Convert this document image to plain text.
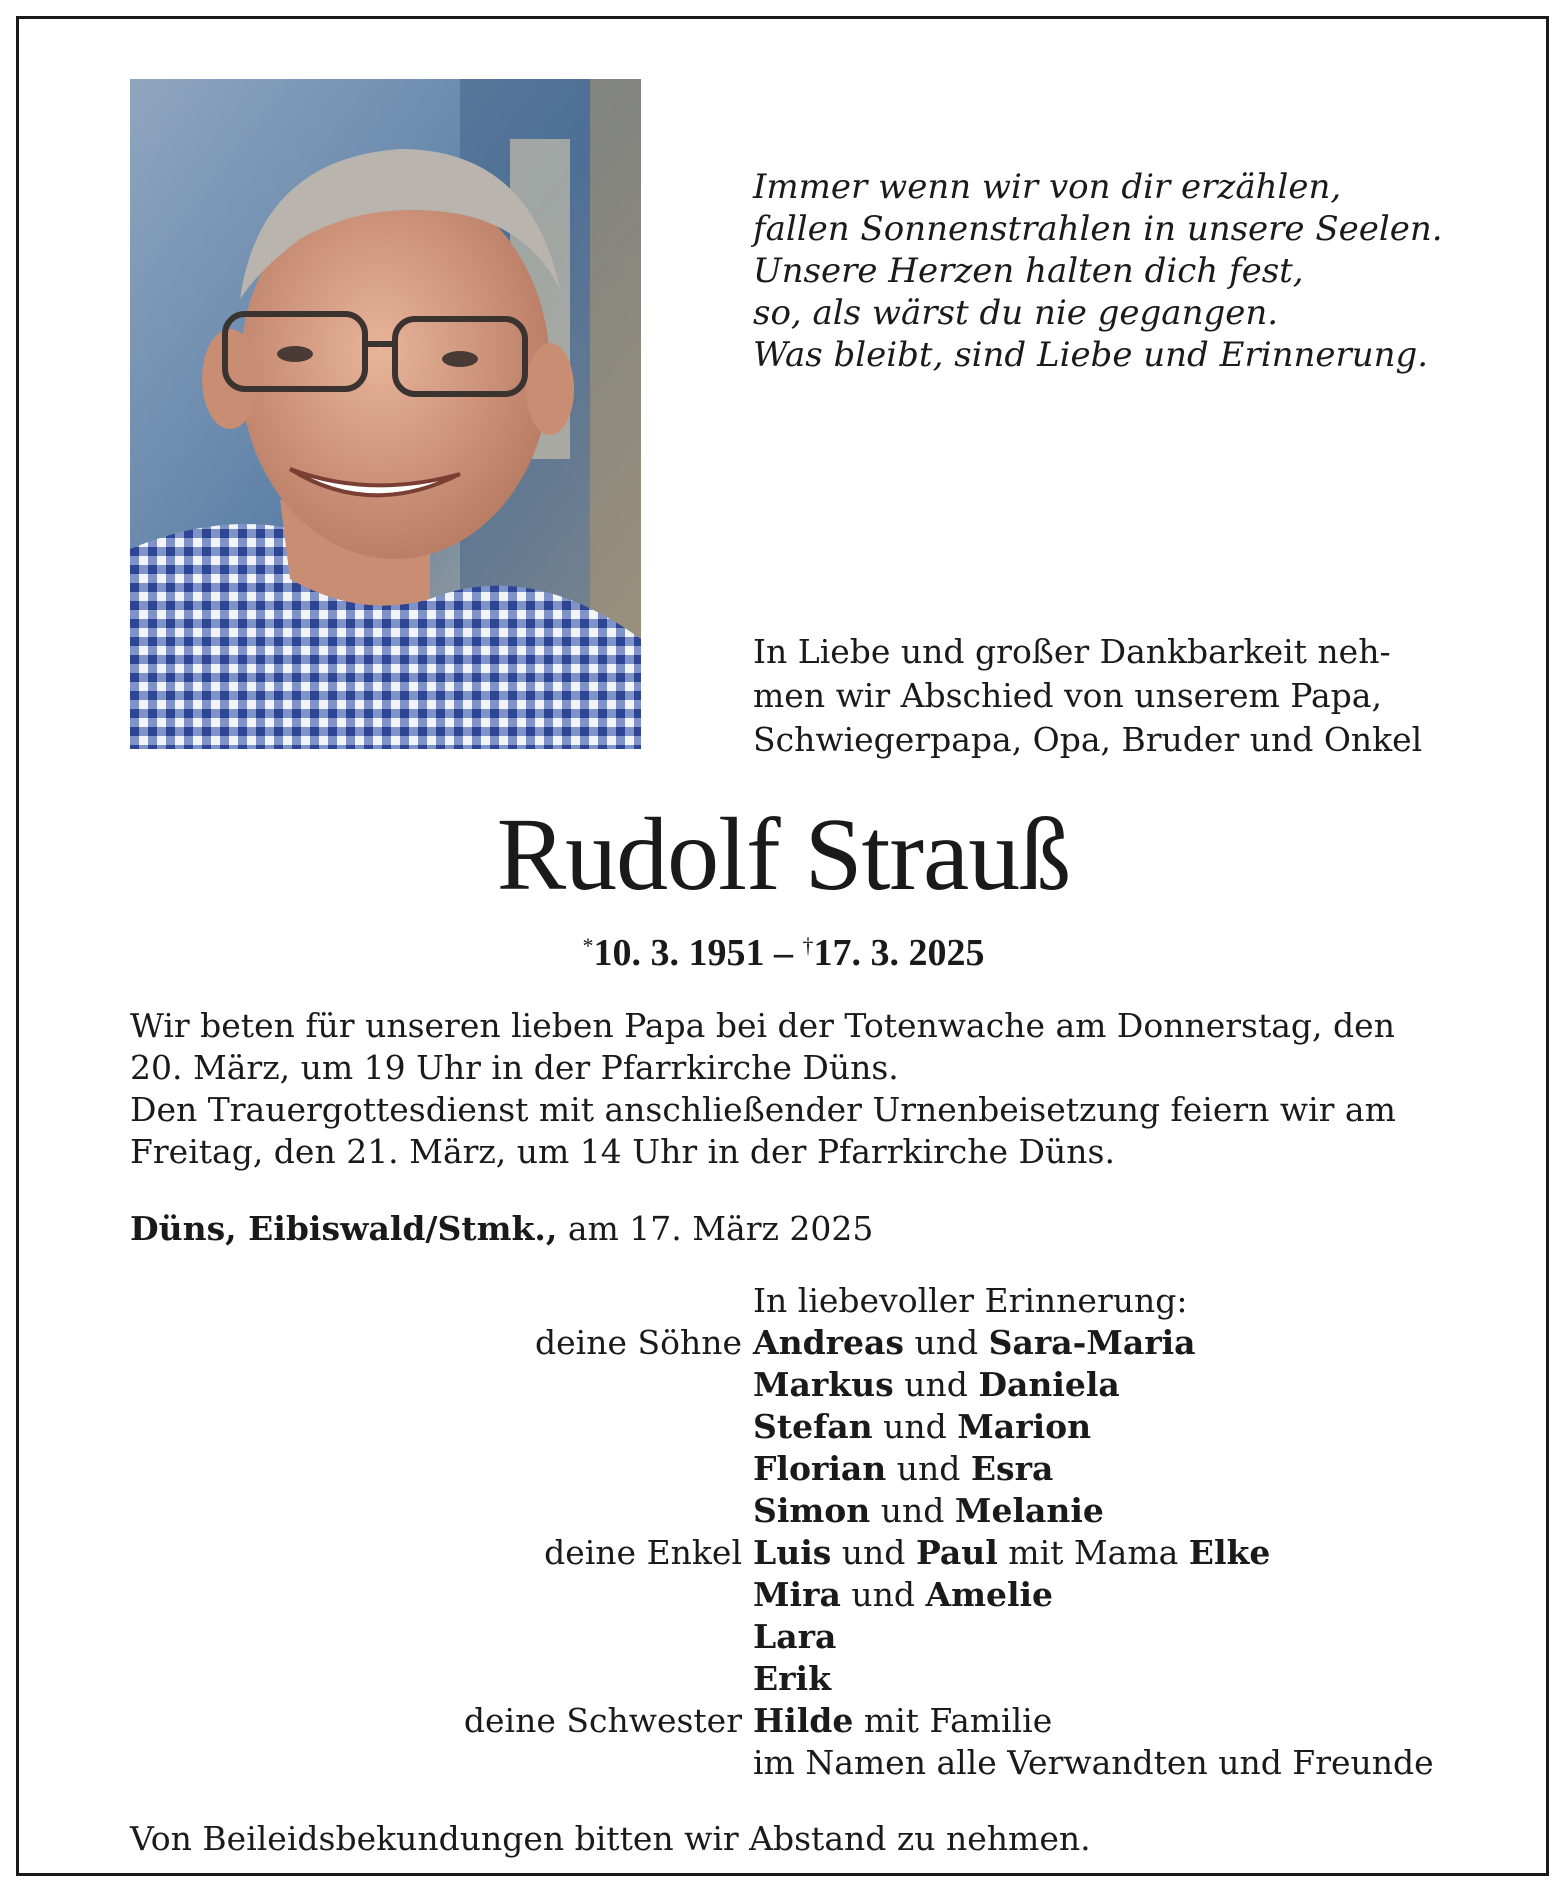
Immer wenn wir von dir erzählen,
fallen Sonnenstrahlen in unsere Seelen.
Unsere Herzen halten dich fest,
so, als wärst du nie gegangen.
Was bleibt, sind Liebe und Erinnerung.
In Liebe und großer Dankbarkeit neh-
men wir Abschied von unserem Papa,
Schwiegerpapa, Opa, Bruder und Onkel
Rudolf Strauß
*10. 3. 1951 – †17. 3. 2025
Wir beten für unseren lieben Papa bei der Totenwache am Donnerstag, den
20. März, um 19 Uhr in der Pfarrkirche Düns.
Den Trauergottesdienst mit anschließender Urnenbeisetzung feiern wir am
Freitag, den 21. März, um 14 Uhr in der Pfarrkirche Düns.
Düns, Eibiswald/Stmk., am 17. März 2025
In liebevoller Erinnerung:
deine Söhne Andreas und Sara-Maria
Markus und Daniela
Stefan und Marion
Florian und Esra
Simon und Melanie
deine Enkel Luis und Paul mit Mama Elke
Mira und Amelie
Lara
Erik
deine Schwester Hilde mit Familie
im Namen alle Verwandten und Freunde
Von Beileidsbekundungen bitten wir Abstand zu nehmen.
